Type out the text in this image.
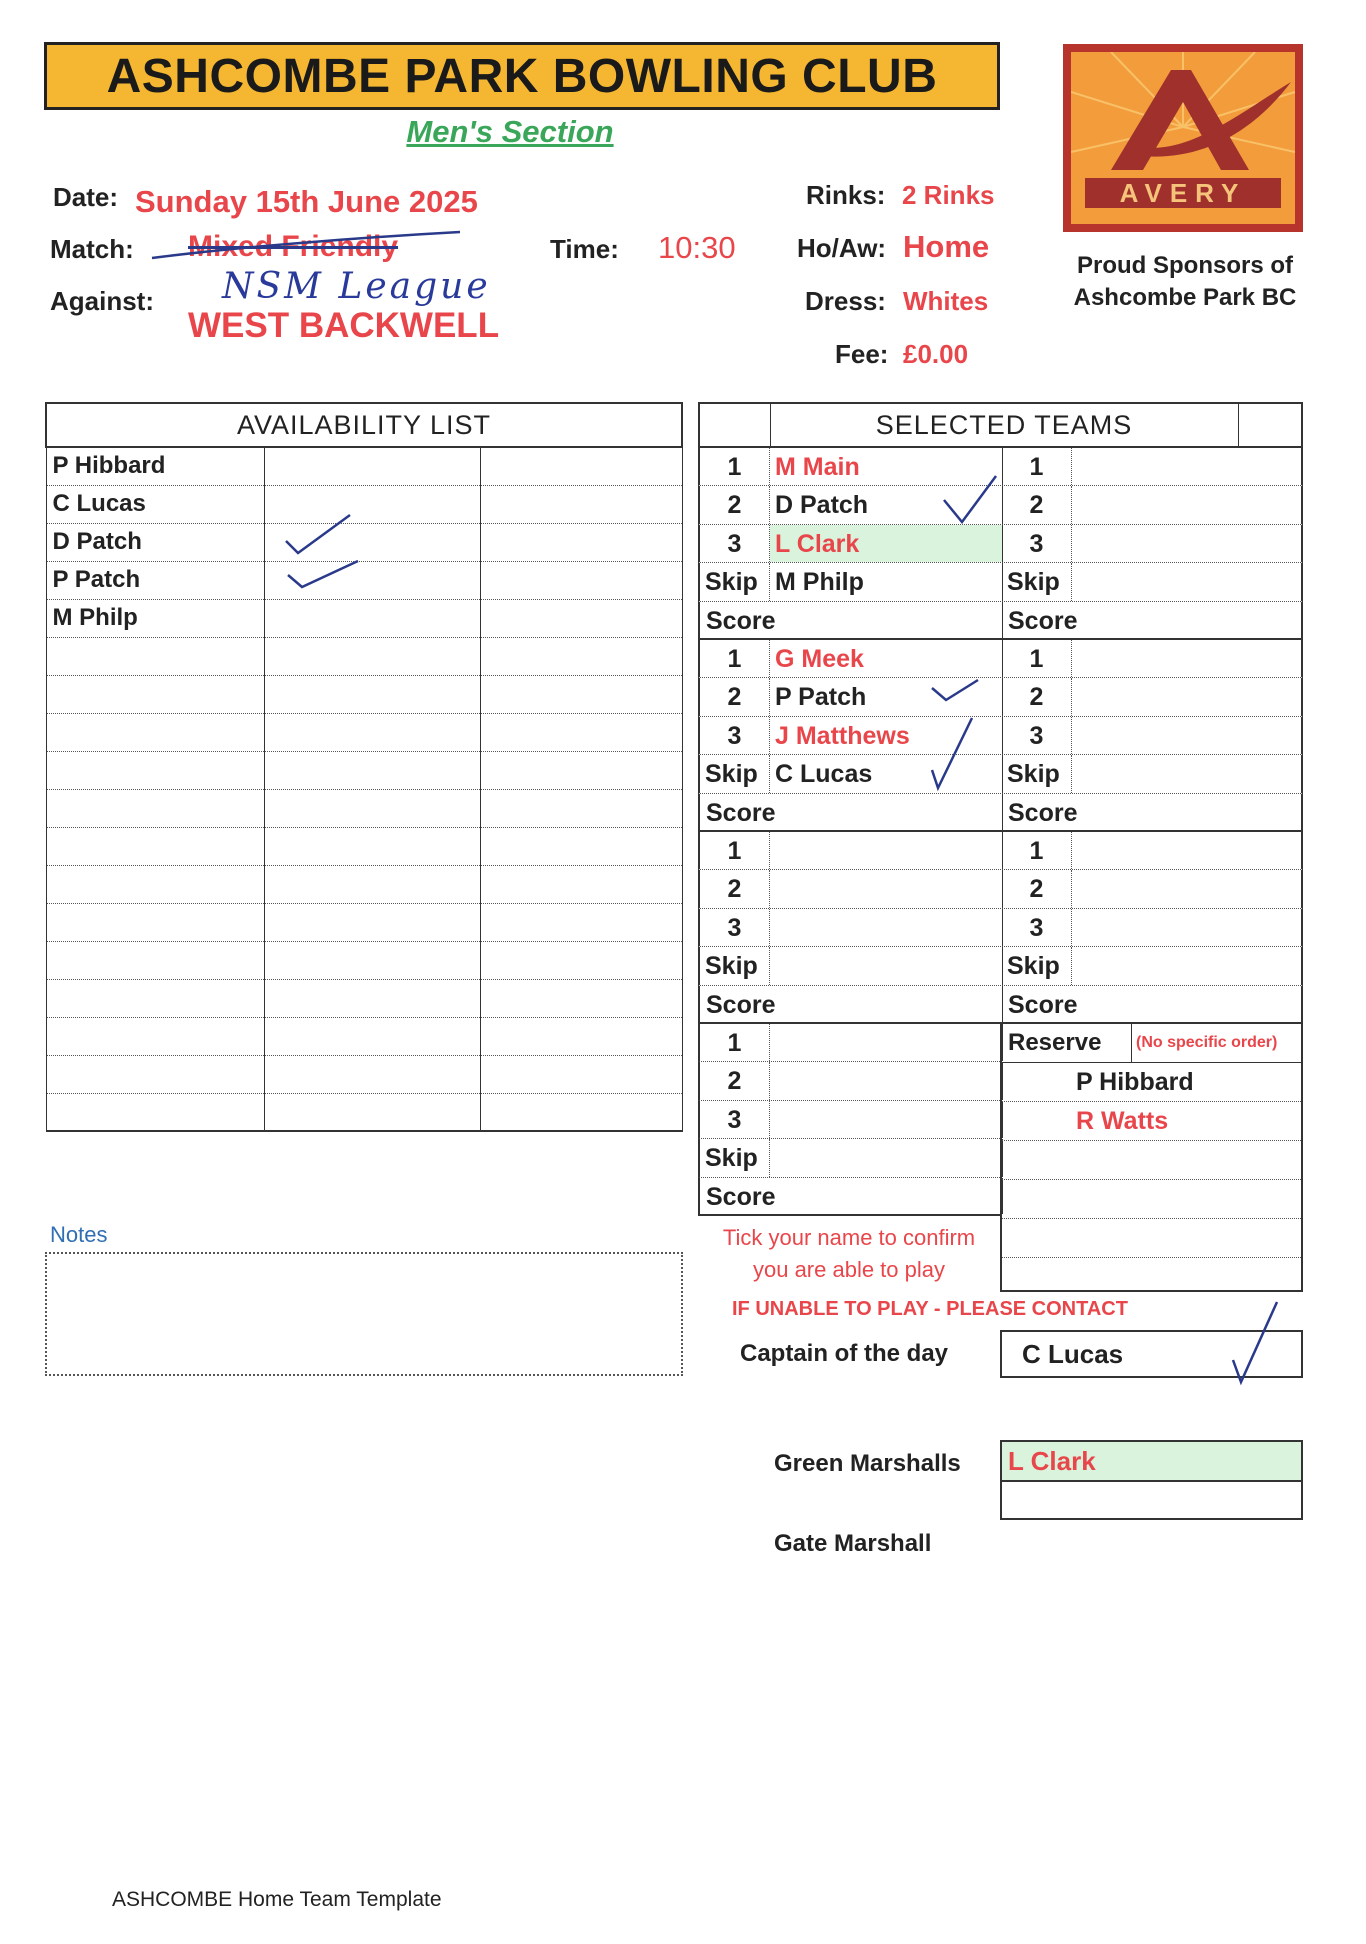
ASHCOMBE PARK BOWLING CLUB
Men's Section
Date: Sunday 15th June 2025
Match: Mixed Friendly	Time: 10:30
Against: NSM League
WEST BACKWELL
Rinks: 2 Rinks
Ho/Aw: Home
Dress: Whites
Fee: £0.00
AVERY
Proud Sponsors of Ashcombe Park BC
AVAILABILITY LIST		
P Hibbard		
C Lucas		
D Patch		
P Patch		
M Philp		

Notes
SELECTED TEAMS
1	M Main	1
2	D Patch	2
3	L Clark	3
Skip M Philp	Skip
Score	Score
1	G Meek	1
2	P Patch	2
3	J Matthews	3
Skip C Lucas	Skip
Score	Score
1	1
2	2
3	3
Skip	Skip
Score	Score
1
2
3
Skip
Score
Reserve	(No specific order)
P Hibbard
R Watts
Tick your name to confirm
you are able to play
IF UNABLE TO PLAY - PLEASE CONTACT
Captain of the day	C Lucas
Green Marshalls	L Clark
Gate Marshall
ASHCOMBE Home Team Template
